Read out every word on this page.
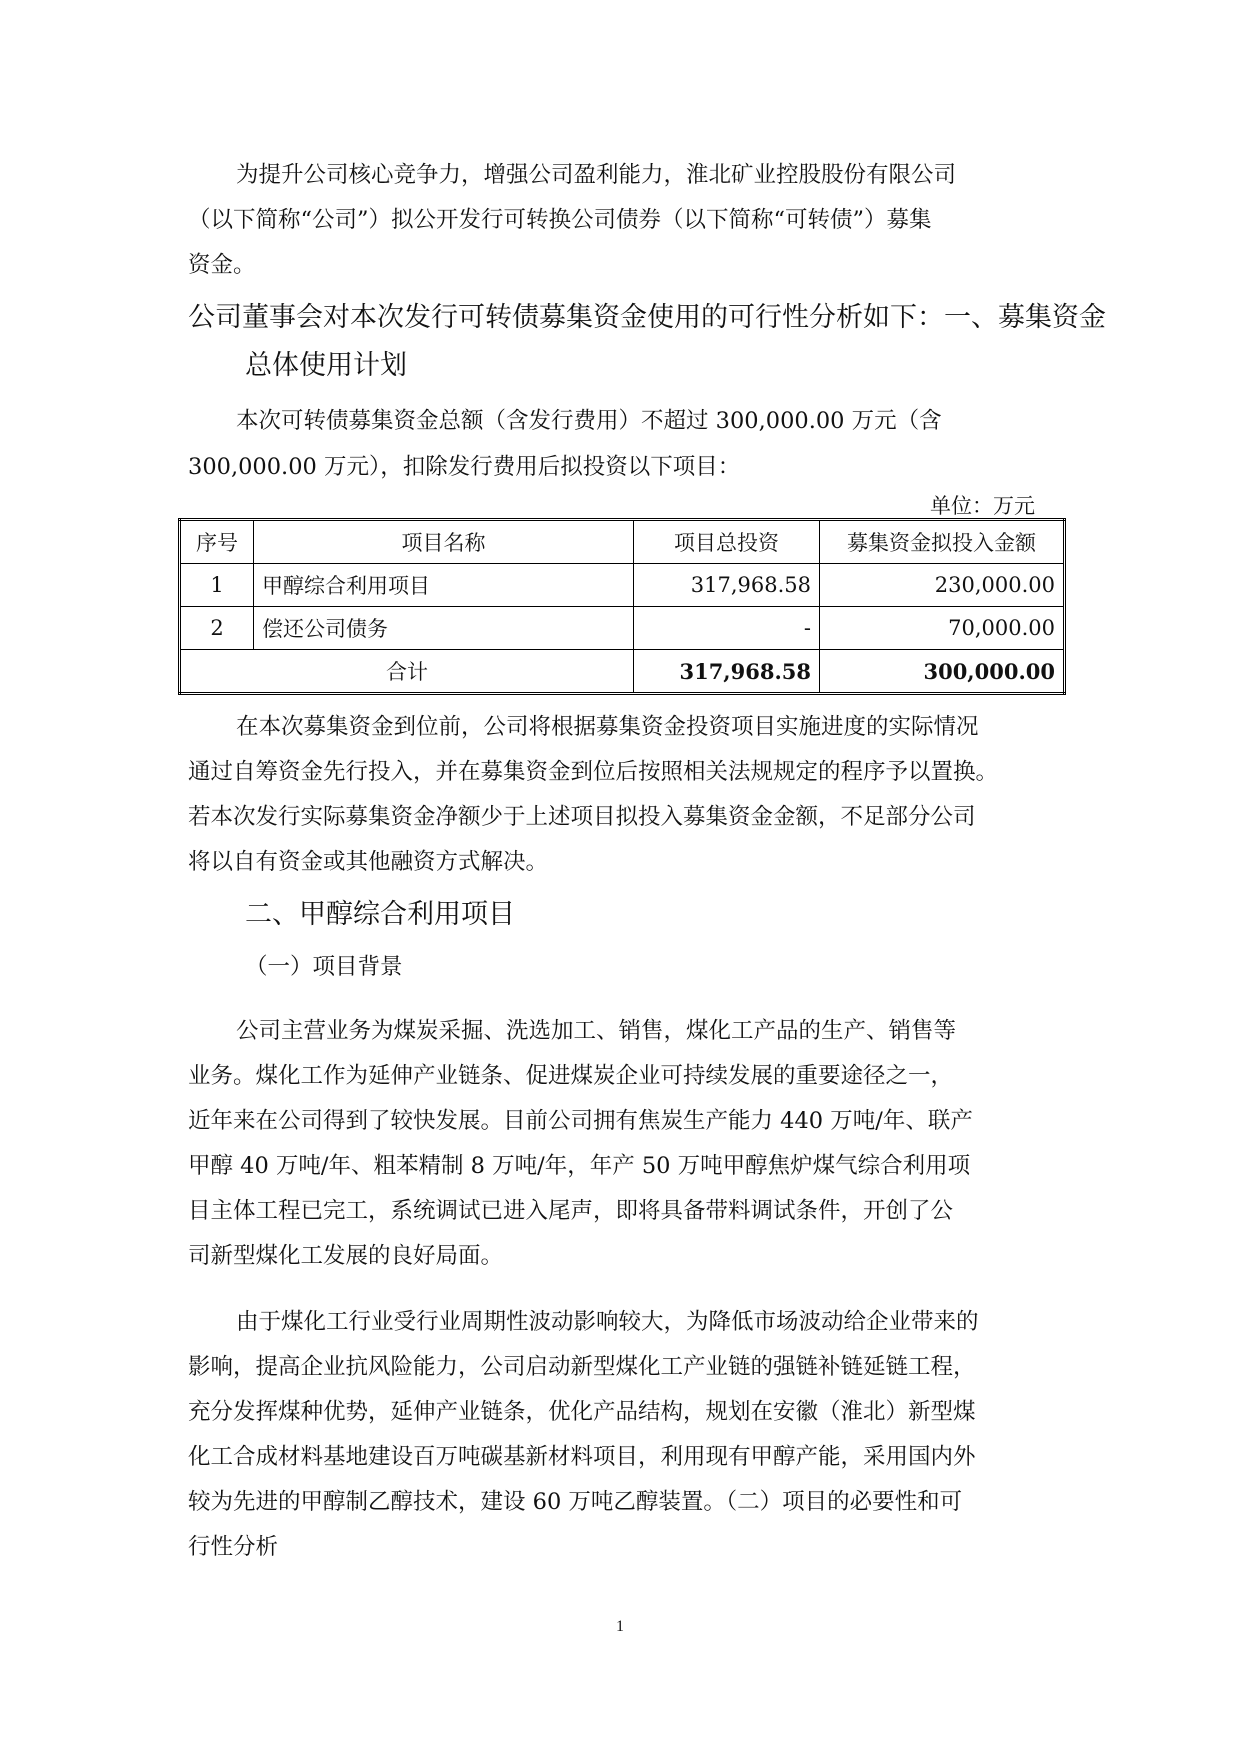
为提升公司核心竞争力，增强公司盈利能力，淮北矿业控股股份有限公司
（以下简称“公司”）拟公开发行可转换公司债券（以下简称“可转债”）募集
资金。
公司董事会对本次发行可转债募集资金使用的可行性分析如下：一、募集资金
总体使用计划
本次可转债募集资金总额（含发行费用）不超过 300,000.00 万元（含
300,000.00 万元），扣除发行费用后拟投资以下项目：
单位：万元
序号	项目名称	项目总投资	募集资金拟投入金额
1	甲醇综合利用项目	317,968.58	230,000.00
2	偿还公司债务	-	70,000.00
合计		317,968.58	300,000.00
在本次募集资金到位前，公司将根据募集资金投资项目实施进度的实际情况
通过自筹资金先行投入，并在募集资金到位后按照相关法规规定的程序予以置换。
若本次发行实际募集资金净额少于上述项目拟投入募集资金金额，不足部分公司
将以自有资金或其他融资方式解决。
二、甲醇综合利用项目
（一）项目背景
公司主营业务为煤炭采掘、洗选加工、销售，煤化工产品的生产、销售等
业务。煤化工作为延伸产业链条、促进煤炭企业可持续发展的重要途径之一，
近年来在公司得到了较快发展。目前公司拥有焦炭生产能力 440 万吨/年、联产
甲醇 40 万吨/年、粗苯精制 8 万吨/年，年产 50 万吨甲醇焦炉煤气综合利用项
目主体工程已完工，系统调试已进入尾声，即将具备带料调试条件，开创了公
司新型煤化工发展的良好局面。
由于煤化工行业受行业周期性波动影响较大，为降低市场波动给企业带来的
影响，提高企业抗风险能力，公司启动新型煤化工产业链的强链补链延链工程，
充分发挥煤种优势，延伸产业链条，优化产品结构，规划在安徽（淮北）新型煤
化工合成材料基地建设百万吨碳基新材料项目，利用现有甲醇产能，采用国内外
较为先进的甲醇制乙醇技术，建设 60 万吨乙醇装置。（二）项目的必要性和可
行性分析
1
